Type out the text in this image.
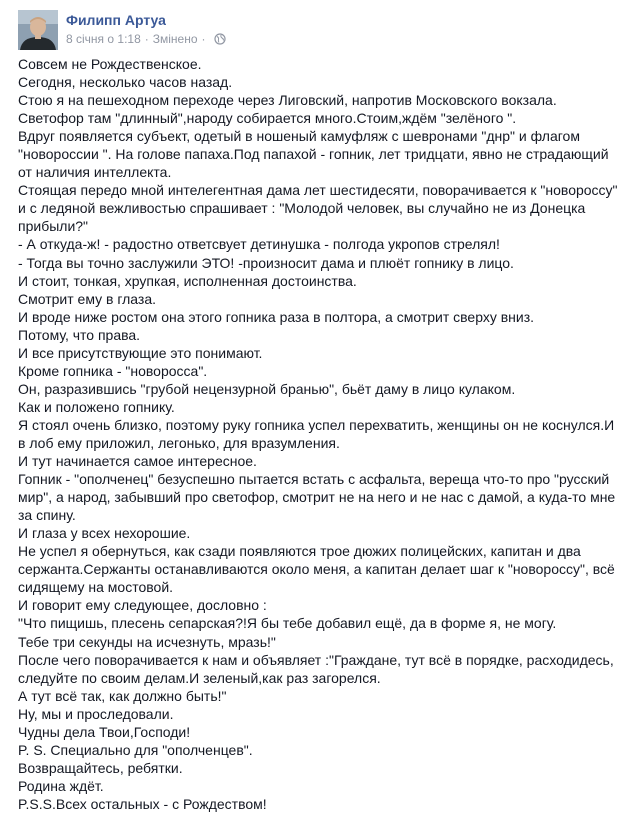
Филипп Артуа
8 січня о 1:18 · Змінено ·
Совсем не Рождественское.
Сегодня, несколько часов назад.
Стою я на пешеходном переходе через Лиговский, напротив Московского вокзала.
Светофор там "длинный",народу собирается много.Стоим,ждём "зелёного ".
Вдруг появляется субъект, одетый в ношеный камуфляж с шевронами "днр" и флагом
"новороссии ". На голове папаха.Под папахой - гопник, лет тридцати, явно не страдающий
от наличия интеллекта.
Стоящая передо мной интелегентная дама лет шестидесяти, поворачивается к "новороссу"
и с ледяной вежливостью спрашивает : "Молодой человек, вы случайно не из Донецка
прибыли?"
- А откуда-ж! - радостно ответсвует детинушка - полгода укропов стрелял!
- Тогда вы точно заслужили ЭТО! -произносит дама и плюёт гопнику в лицо.
И стоит, тонкая, хрупкая, исполненная достоинства.
Смотрит ему в глаза.
И вроде ниже ростом она этого гопника раза в полтора, а смотрит сверху вниз.
Потому, что права.
И все присутствующие это понимают.
Кроме гопника - "новоросса".
Он, разразившись "грубой нецензурной бранью", бьёт даму в лицо кулаком.
Как и положено гопнику.
Я стоял очень близко, поэтому руку гопника успел перехватить, женщины он не коснулся.И
в лоб ему приложил, легонько, для вразумления.
И тут начинается самое интересное.
Гопник - "ополченец" безуспешно пытается встать с асфальта, вереща что-то про "русский
мир", а народ, забывший про светофор, смотрит не на него и не нас с дамой, а куда-то мне
за спину.
И глаза у всех нехорошие.
Не успел я обернуться, как сзади появляются трое дюжих полицейских, капитан и два
сержанта.Сержанты останавливаются около меня, а капитан делает шаг к "новороссу", всё
сидящему на мостовой.
И говорит ему следующее, дословно :
"Что пищишь, плесень сепарская?!Я бы тебе добавил ещё, да в форме я, не могу.
Тебе три секунды на исчезнуть, мразь!"
После чего поворачивается к нам и объявляет :"Граждане, тут всё в порядке, расходидесь,
следуйте по своим делам.И зеленый,как раз загорелся.
А тут всё так, как должно быть!"
Ну, мы и проследовали.
Чудны дела Твои,Господи!
P. S. Специально для "ополченцев".
Возвращайтесь, ребятки.
Родина ждёт.
P.S.S.Всех остальных - с Рождеством!
